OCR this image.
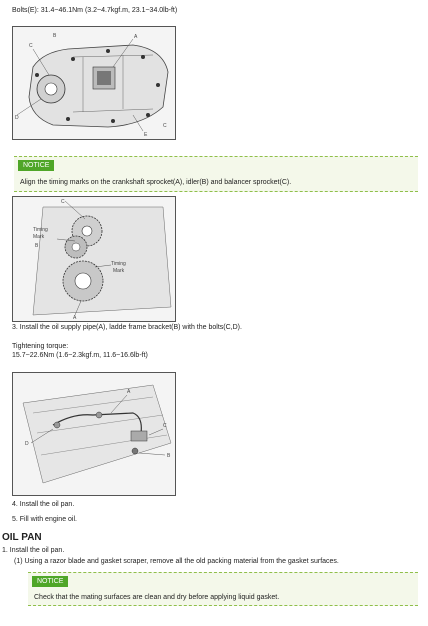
Bolts(E): 31.4~46.1Nm (3.2~4.7kgf.m, 23.1~34.0lb-ft)
A
B
C
D
E
C
NOTICE
Align the timing marks on the crankshaft sprocket(A), idler(B) and balancer sprocket(C).
C
Timing
Mark
B
Timing
Mark
A
3. Install the oil supply pipe(A), ladde frame bracket(B) with the bolts(C,D).
Tightening torque:
15.7~22.6Nm (1.6~2.3kgf.m, 11.6~16.6lb-ft)
A
D
C
B
4. Install the oil pan.
5. Fill with engine oil.
OIL PAN
1. Install the oil pan.
(1) Using a razor blade and gasket scraper, remove all the old packing material from the gasket surfaces.
NOTICE
Check that the mating surfaces are clean and dry before applying liquid gasket.
